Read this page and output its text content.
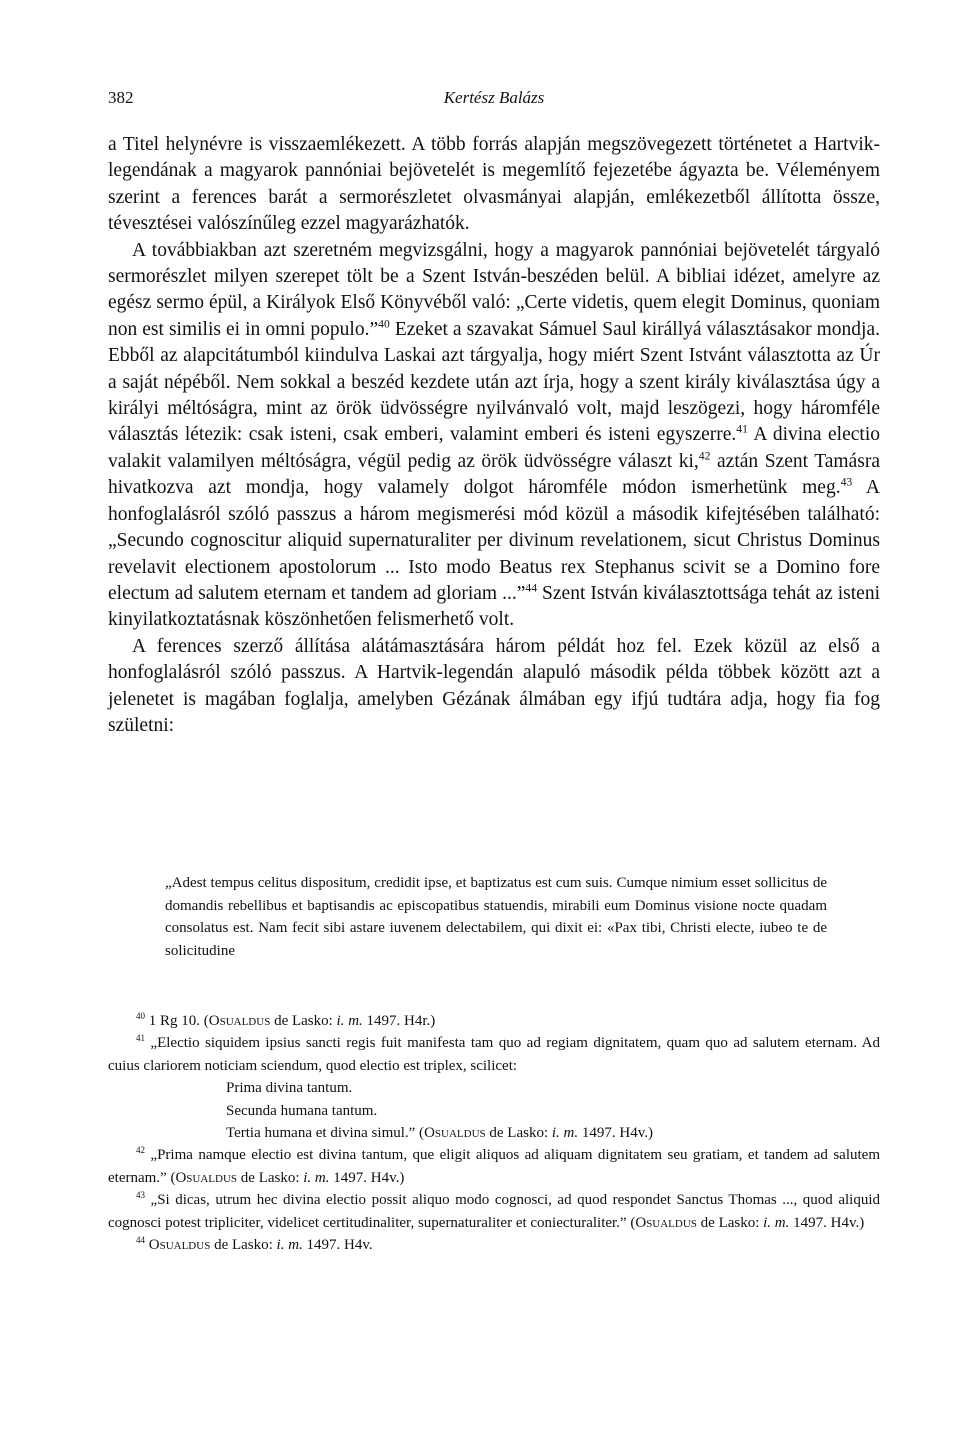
382	Kertész Balázs

a Titel helynévre is visszaemlékezett. A több forrás alapján megszövegezett történetet a Hartvik-legendának a magyarok pannóniai bejövetelét is megemlítő fejezetébe ágyazta be. Véleményem szerint a ferences barát a sermorészletet olvasmányai alapján, emlékezetből állította össze, tévesztései valószínűleg ezzel magyarázhatók.

A továbbiakban azt szeretném megvizsgálni, hogy a magyarok pannóniai bejövetelét tárgyaló sermorészlet milyen szerepet tölt be a Szent István-beszéden belül. A bibliai idézet, amelyre az egész sermo épül, a Királyok Első Könyvéből való: „Certe videtis, quem elegit Dominus, quoniam non est similis ei in omni populo.”$^{40}$ Ezeket a szavakat Sámuel Saul királlyá választásakor mondja. Ebből az alapcitátumból kiindulva Laskai azt tárgyalja, hogy miért Szent Istvánt választotta az Úr a saját népéből. Nem sokkal a beszéd kezdete után azt írja, hogy a szent király kiválasztása úgy a királyi méltóságra, mint az örök üdvösségre nyilvánvaló volt, majd leszögezi, hogy háromféle választás létezik: csak isteni, csak emberi, valamint emberi és isteni egyszerre.$^{41}$ A divina electio valakit valamilyen méltóságra, végül pedig az örök üdvösségre választ ki,$^{42}$ aztán Szent Tamásra hivatkozva azt mondja, hogy valamely dolgot háromféle módon ismerhetünk meg.$^{43}$ A honfoglalásról szóló passzus a három megismerési mód közül a második kifejtésében található: „Secundo cognoscitur aliquid supernaturaliter per divinum revelationem, sicut Christus Dominus revelavit electionem apostolorum ... Isto modo Beatus rex Stephanus scivit se a Domino fore electum ad salutem eternam et tandem ad gloriam ...”$^{44}$ Szent István kiválasztottsága tehát az isteni kinyilatkoztatásnak köszönhetően felismerhető volt.

A ferences szerző állítása alátámasztására három példát hoz fel. Ezek közül az első a honfoglalásról szóló passzus. A Hartvik-legendán alapuló második példa többek között azt a jelenetet is magában foglalja, amelyben Gézának álmában egy ifjú tudtára adja, hogy fia fog születni:

„Adest tempus celitus dispositum, credidit ipse, et baptizatus est cum suis. Cumque nimium esset sollicitus de domandis rebellibus et baptisandis ac episcopatibus statuendis, mirabili eum Dominus visione nocte quadam consolatus est. Nam fecit sibi astare iuvenem delectabilem, qui dixit ei: «Pax tibi, Christi electe, iubeo te de solicitudine

$^{40}$ 1 Rg 10. (Osualdus de Lasko: i. m. 1497. H4r.)

$^{41}$ „Electio siquidem ipsius sancti regis fuit manifesta tam quo ad regiam dignitatem, quam quo ad salutem eternam. Ad cuius clariorem noticiam sciendum, quod electio est triplex, scilicet:

Prima divina tantum.

Secunda humana tantum.

Tertia humana et divina simul.” (Osualdus de Lasko: i. m. 1497. H4v.)

$^{42}$ „Prima namque electio est divina tantum, que eligit aliquos ad aliquam dignitatem seu gratiam, et tandem ad salutem eternam.” (Osualdus de Lasko: i. m. 1497. H4v.)

$^{43}$ „Si dicas, utrum hec divina electio possit aliquo modo cognosci, ad quod respondet Sanctus Thomas ..., quod aliquid cognosci potest tripliciter, videlicet certitudinaliter, supernaturaliter et coniecturaliter.” (Osualdus de Lasko: i. m. 1497. H4v.)

$^{44}$ Osualdus de Lasko: i. m. 1497. H4v.
